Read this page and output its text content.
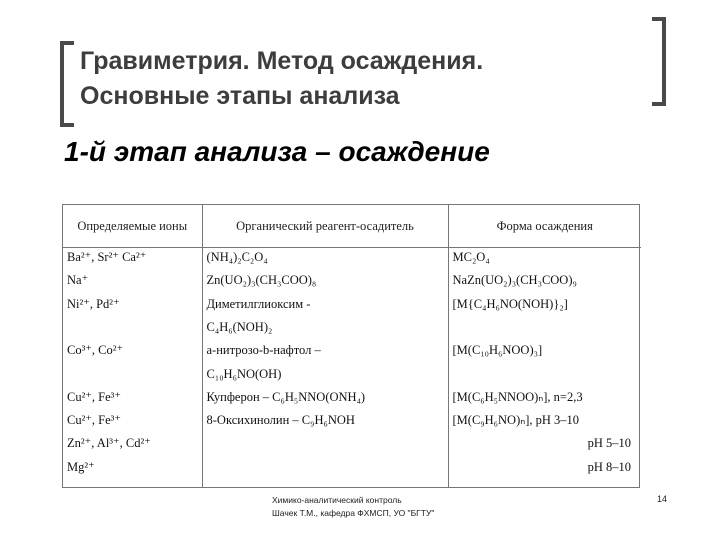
Гравиметрия. Метод осаждения.
Основные этапы анализа
1-й этап анализа – осаждение
Определяемые ионы	Органический реагент-осадитель	Форма осаждения
Ba²⁺, Sr²⁺ Ca²⁺	(NH₄)₂C₂O₄	MC₂O₄
Na⁺	Zn(UO₂)₃(CH₃COO)₈	NaZn(UO₂)₃(CH₃COO)₉
Ni²⁺, Pd²⁺	Диметилглиоксим -	[M{C₄H₆NO(NOH)}₂]
	C₄H₆(NOH)₂	
Co³⁺, Co²⁺	а-нитрозо-b-нафтол –	[M(C₁₀H₆NOO)₃]
	C₁₀H₆NO(OH)	
Cu²⁺, Fe³⁺	Купферон – C₆H₅NNO(ONH₄)	[M(C₆H₅NNOO)ₙ], n=2,3
Cu²⁺, Fe³⁺	8-Оксихинолин – C₉H₆NOH	[M(C₉H₆NO)ₙ], pH 3–10
Zn²⁺, Al³⁺, Cd²⁺		pH 5–10
Mg²⁺		pH 8–10

Химико-аналитический контроль
Шачек Т.М., кафедра ФХМСП, УО "БГТУ"
14
